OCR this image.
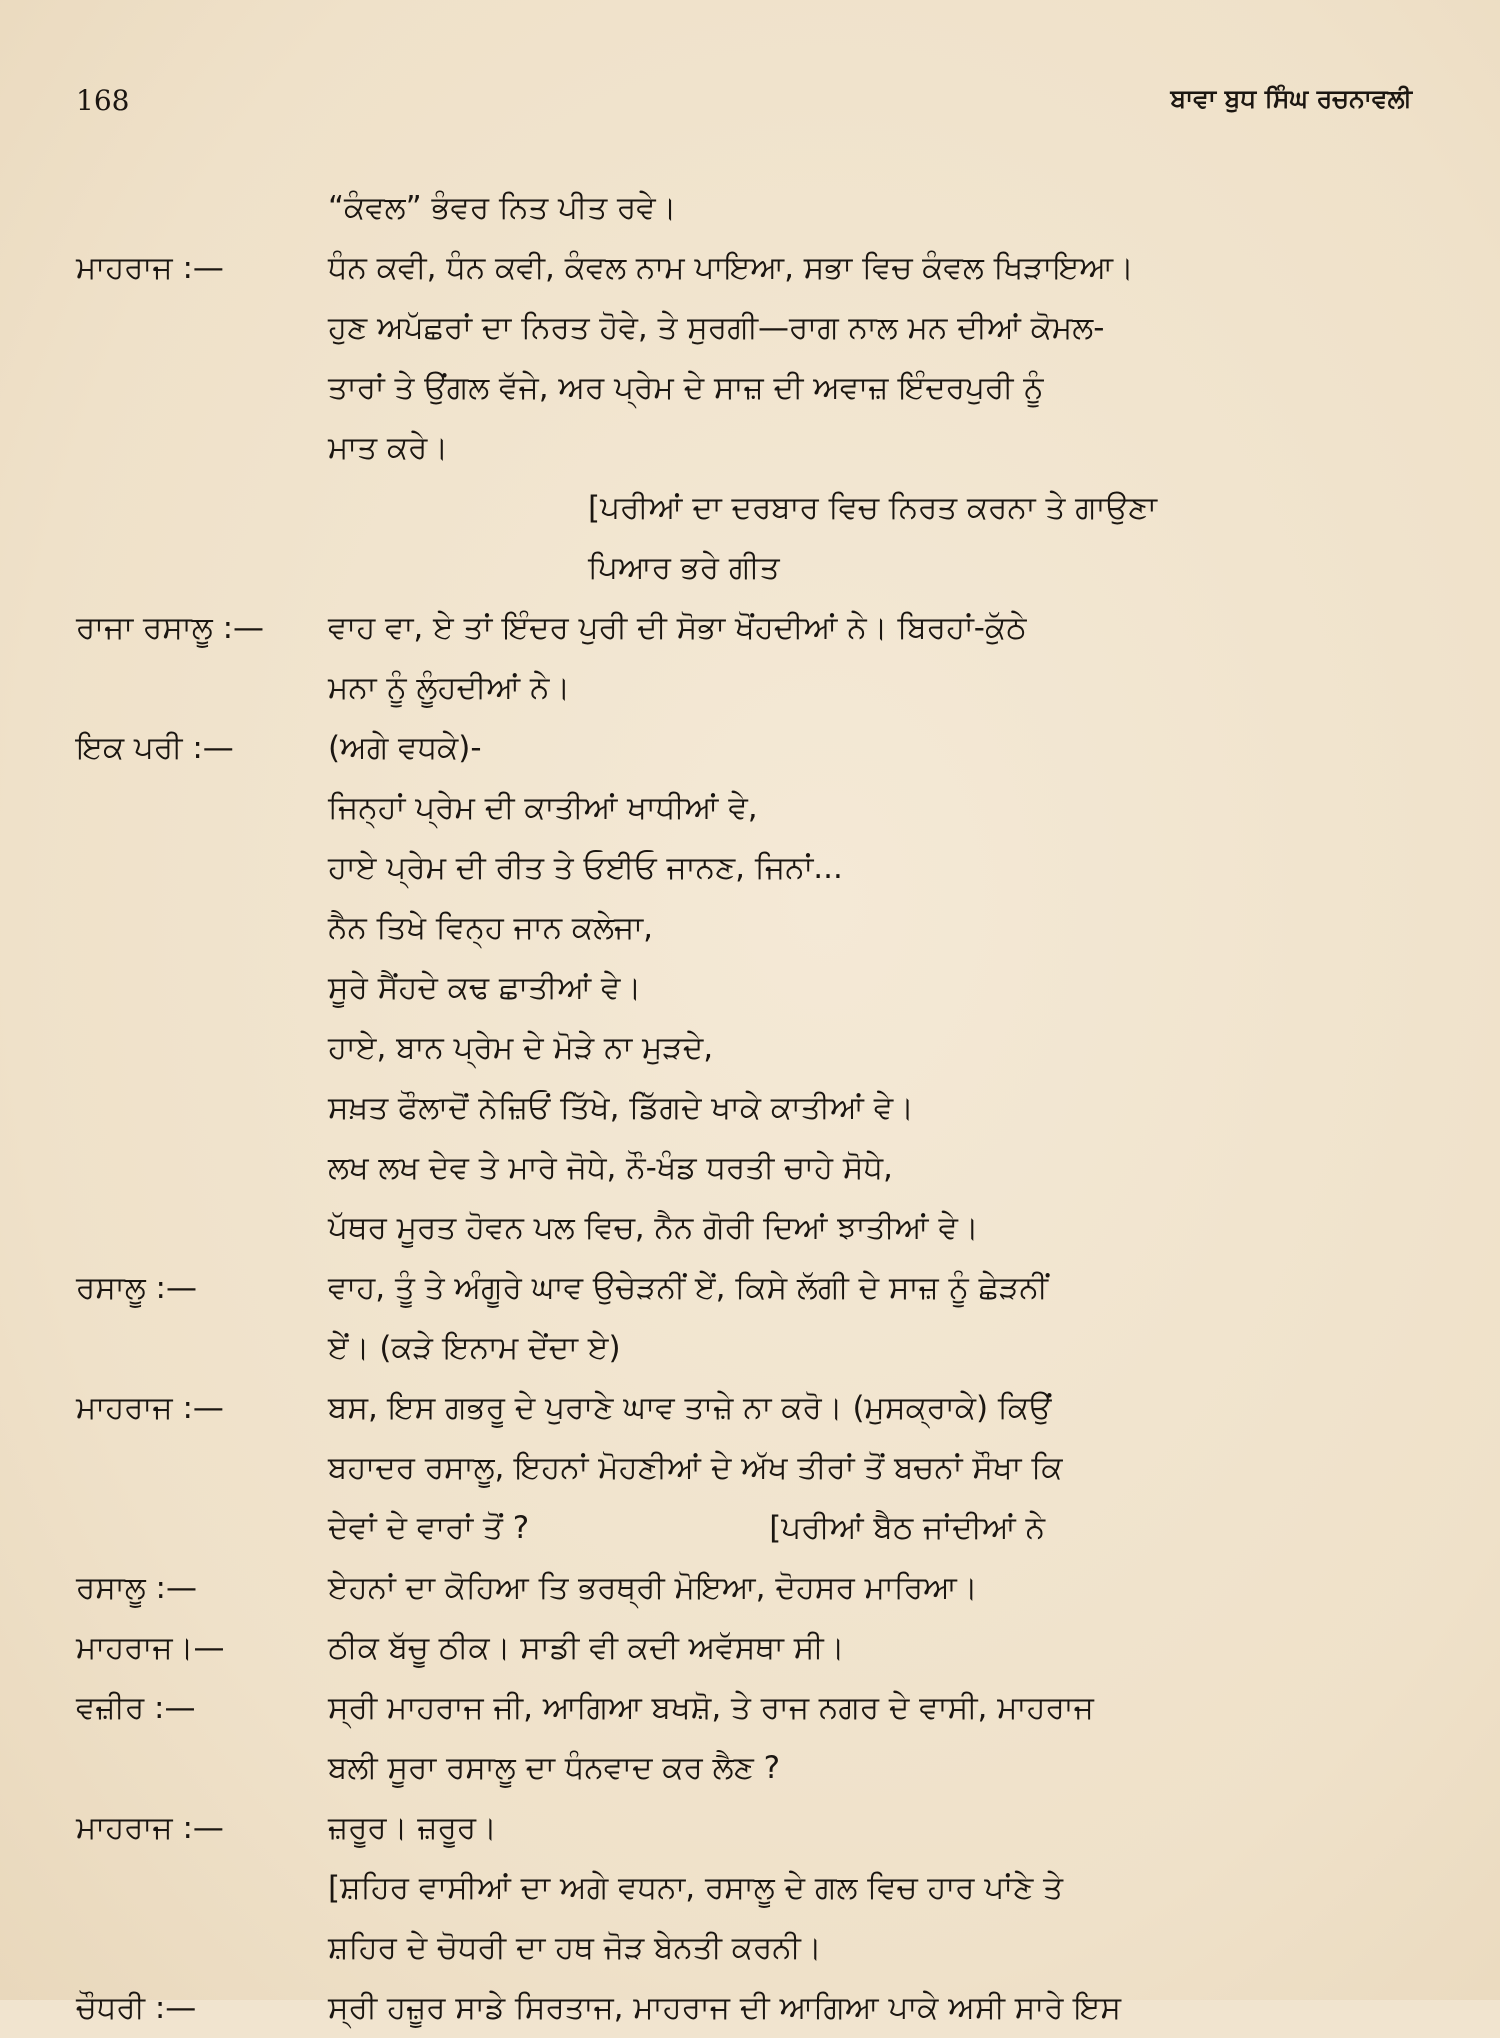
168	ਬਾਵਾ ਬੁਧ ਸਿੰਘ ਰਚਨਾਵਲੀ
“ਕੰਵਲ” ਭੰਵਰ ਨਿਤ ਪੀਤ ਰਵੇ।
ਮਾਹਰਾਜ :—	ਧੰਨ ਕਵੀ, ਧੰਨ ਕਵੀ, ਕੰਵਲ ਨਾਮ ਪਾਇਆ, ਸਭਾ ਵਿਚ ਕੰਵਲ ਖਿੜਾਇਆ।
ਹੁਣ ਅਪੱਛਰਾਂ ਦਾ ਨਿਰਤ ਹੋਵੇ, ਤੇ ਸੁਰਗੀ—ਰਾਗ ਨਾਲ ਮਨ ਦੀਆਂ ਕੋਮਲ-
ਤਾਰਾਂ ਤੇ ਉਂਗਲ ਵੱਜੇ, ਅਰ ਪ੍ਰੇਮ ਦੇ ਸਾਜ਼ ਦੀ ਅਵਾਜ਼ ਇੰਦਰਪੁਰੀ ਨੂੰ
ਮਾਤ ਕਰੇ।
[ਪਰੀਆਂ ਦਾ ਦਰਬਾਰ ਵਿਚ ਨਿਰਤ ਕਰਨਾ ਤੇ ਗਾਉਣਾ
ਪਿਆਰ ਭਰੇ ਗੀਤ
ਰਾਜਾ ਰਸਾਲੂ :—	ਵਾਹ ਵਾ, ਏ ਤਾਂ ਇੰਦਰ ਪੁਰੀ ਦੀ ਸੋਭਾ ਖੋਂਹਦੀਆਂ ਨੇ। ਬਿਰਹਾਂ-ਕੁੱਠੇ
ਮਨਾ ਨੂੰ ਲੂੰਹਦੀਆਂ ਨੇ।
ਇਕ ਪਰੀ :—	(ਅਗੇ ਵਧਕੇ)-
ਜਿਨ੍ਹਾਂ ਪ੍ਰੇਮ ਦੀ ਕਾਤੀਆਂ ਖਾਧੀਆਂ ਵੇ,
ਹਾਏ ਪ੍ਰੇਮ ਦੀ ਰੀਤ ਤੇ ਓਈਓ ਜਾਨਣ, ਜਿਨਾਂ...
ਨੈਨ ਤਿਖੇ ਵਿਨ੍ਹ ਜਾਨ ਕਲੇਜਾ,
ਸੂਰੇ ਸੈਂਹਦੇ ਕਢ ਛਾਤੀਆਂ ਵੇ।
ਹਾਏ, ਬਾਨ ਪ੍ਰੇਮ ਦੇ ਮੋੜੇ ਨਾ ਮੁੜਦੇ,
ਸਖ਼ਤ ਫੌਲਾਦੋਂ ਨੇਜ਼ਿਓਂ ਤਿੱਖੇ, ਡਿੱਗਦੇ ਖਾਕੇ ਕਾਤੀਆਂ ਵੇ।
ਲਖ ਲਖ ਦੇਵ ਤੇ ਮਾਰੇ ਜੋਧੇ, ਨੌ-ਖੰਡ ਧਰਤੀ ਚਾਹੇ ਸੋਧੇ,
ਪੱਥਰ ਮੂਰਤ ਹੋਵਨ ਪਲ ਵਿਚ, ਨੈਨ ਗੋਰੀ ਦਿਆਂ ਝਾਤੀਆਂ ਵੇ।
ਰਸਾਲੂ :—	ਵਾਹ, ਤੂੰ ਤੇ ਅੰਗੂਰੇ ਘਾਵ ਉਚੇੜਨੀਂ ਏਂ, ਕਿਸੇ ਲੱਗੀ ਦੇ ਸਾਜ਼ ਨੂੰ ਛੇੜਨੀਂ
ਏਂ। (ਕੜੇ ਇਨਾਮ ਦੇਂਦਾ ਏ)
ਮਾਹਰਾਜ :—	ਬਸ, ਇਸ ਗਭਰੂ ਦੇ ਪੁਰਾਣੇ ਘਾਵ ਤਾਜ਼ੇ ਨਾ ਕਰੋ। (ਮੁਸਕ੍ਰਾਕੇ) ਕਿਉਂ
ਬਹਾਦਰ ਰਸਾਲੂ, ਇਹਨਾਂ ਮੋਹਣੀਆਂ ਦੇ ਅੱਖ ਤੀਰਾਂ ਤੋਂ ਬਚਨਾਂ ਸੌਖਾ ਕਿ
ਦੇਵਾਂ ਦੇ ਵਾਰਾਂ ਤੋਂ ?	[ਪਰੀਆਂ ਬੈਠ ਜਾਂਦੀਆਂ ਨੇ
ਰਸਾਲੂ :—	ਏਹਨਾਂ ਦਾ ਕੋਹਿਆ ਤਿ ਭਰਥ੍ਰੀ ਮੋਇਆ, ਦੋਹਸਰ ਮਾਰਿਆ।
ਮਾਹਰਾਜ।—	ਠੀਕ ਬੱਚੂ ਠੀਕ। ਸਾਡੀ ਵੀ ਕਦੀ ਅਵੱਸਥਾ ਸੀ।
ਵਜ਼ੀਰ :—	ਸ੍ਰੀ ਮਾਹਰਾਜ ਜੀ, ਆਗਿਆ ਬਖਸ਼ੋ, ਤੇ ਰਾਜ ਨਗਰ ਦੇ ਵਾਸੀ, ਮਾਹਰਾਜ
ਬਲੀ ਸੂਰਾ ਰਸਾਲੂ ਦਾ ਧੰਨਵਾਦ ਕਰ ਲੈਣ ?
ਮਾਹਰਾਜ :—	ਜ਼ਰੂਰ। ਜ਼ਰੂਰ।
[ਸ਼ਹਿਰ ਵਾਸੀਆਂ ਦਾ ਅਗੇ ਵਧਨਾ, ਰਸਾਲੂ ਦੇ ਗਲ ਵਿਚ ਹਾਰ ਪਾਂਣੇ ਤੇ
ਸ਼ਹਿਰ ਦੇ ਚੋਧਰੀ ਦਾ ਹਥ ਜੋੜ ਬੇਨਤੀ ਕਰਨੀ।
ਚੌਧਰੀ :—	ਸ੍ਰੀ ਹਜ਼ੂਰ ਸਾਡੇ ਸਿਰਤਾਜ, ਮਾਹਰਾਜ ਦੀ ਆਗਿਆ ਪਾਕੇ ਅਸੀ ਸਾਰੇ ਇਸ
